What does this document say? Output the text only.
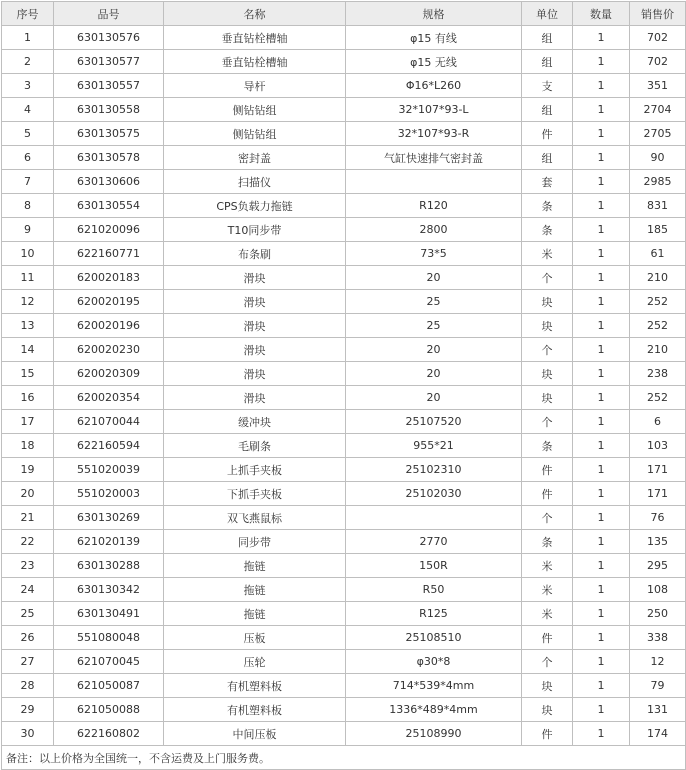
序号	品号	名称	规格	单位	数量	销售价
1	630130576	垂直钻栓槽轴	φ15 有线	组	1	702
2	630130577	垂直钻栓槽轴	φ15 无线	组	1	702
3	630130557	导杆	Φ16*L260	支	1	351
4	630130558	侧钻钻组	32*107*93-L	组	1	2704
5	630130575	侧钻钻组	32*107*93-R	件	1	2705
6	630130578	密封盖	气缸快速排气密封盖	组	1	90
7	630130606	扫描仪		套	1	2985
8	630130554	CPS负载力拖链	R120	条	1	831
9	621020096	T10同步带	2800	条	1	185
10	622160771	布条刷	73*5	米	1	61
11	620020183	滑块	20	个	1	210
12	620020195	滑块	25	块	1	252
13	620020196	滑块	25	块	1	252
14	620020230	滑块	20	个	1	210
15	620020309	滑块	20	块	1	238
16	620020354	滑块	20	块	1	252
17	621070044	缓冲块	25107520	个	1	6
18	622160594	毛刷条	955*21	条	1	103
19	551020039	上抓手夹板	25102310	件	1	171
20	551020003	下抓手夹板	25102030	件	1	171
21	630130269	双飞燕鼠标		个	1	76
22	621020139	同步带	2770	条	1	135
23	630130288	拖链	150R	米	1	295
24	630130342	拖链	R50	米	1	108
25	630130491	拖链	R125	米	1	250
26	551080048	压板	25108510	件	1	338
27	621070045	压轮	φ30*8	个	1	12
28	621050087	有机塑料板	714*539*4mm	块	1	79
29	621050088	有机塑料板	1336*489*4mm	块	1	131
30	622160802	中间压板	25108990	件	1	174
备注：以上价格为全国统一，不含运费及上门服务费。						
